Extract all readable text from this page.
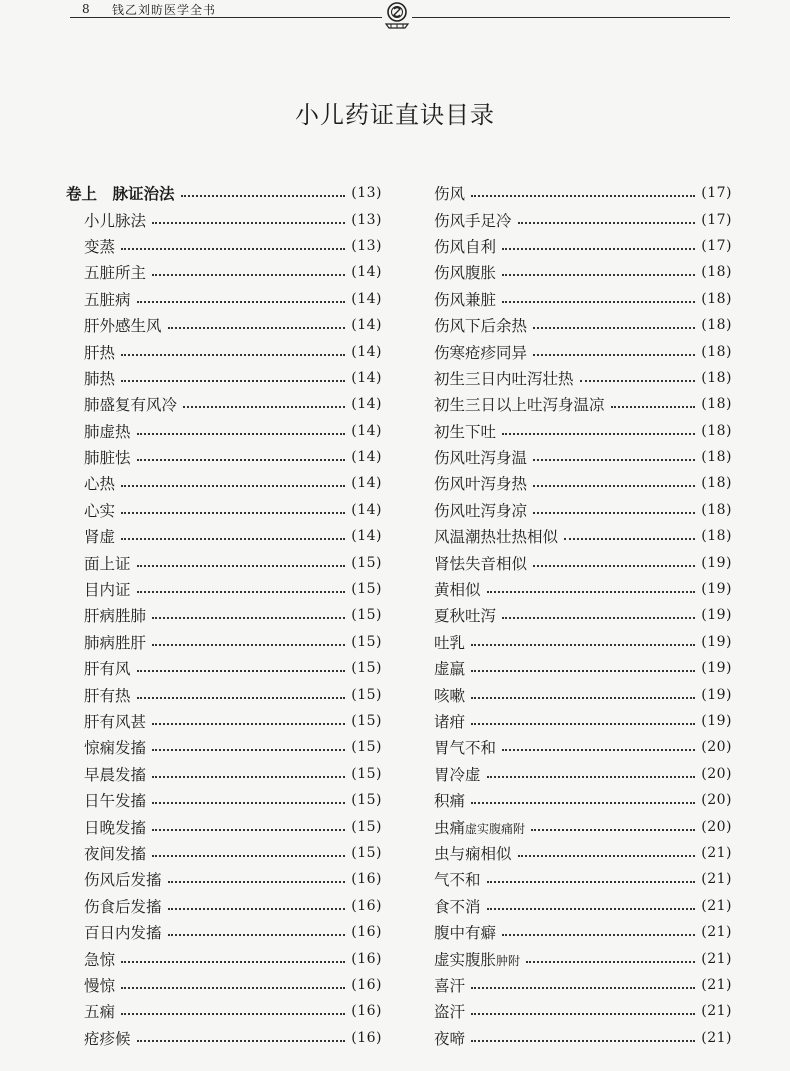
8 钱乙刘昉医学全书
小儿药证直诀目录
卷上　脉证治法	(13)
小儿脉法	(13)
变蒸	(13)
五脏所主	(14)
五脏病	(14)
肝外感生风	(14)
肝热	(14)
肺热	(14)
肺盛复有风冷	(14)
肺虚热	(14)
肺脏怯	(14)
心热	(14)
心实	(14)
肾虚	(14)
面上证	(15)
目内证	(15)
肝病胜肺	(15)
肺病胜肝	(15)
肝有风	(15)
肝有热	(15)
肝有风甚	(15)
惊痫发搐	(15)
早晨发搐	(15)
日午发搐	(15)
日晚发搐	(15)
夜间发搐	(15)
伤风后发搐	(16)
伤食后发搐	(16)
百日内发搐	(16)
急惊	(16)
慢惊	(16)
五痫	(16)
疮疹候	(16)
伤风	(17)
伤风手足冷	(17)
伤风自利	(17)
伤风腹胀	(18)
伤风兼脏	(18)
伤风下后余热	(18)
伤寒疮疹同异	(18)
初生三日内吐泻壮热	(18)
初生三日以上吐泻身温凉	(18)
初生下吐	(18)
伤风吐泻身温	(18)
伤风叶泻身热	(18)
伤风吐泻身凉	(18)
风温潮热壮热相似	(18)
肾怯失音相似	(19)
黄相似	(19)
夏秋吐泻	(19)
吐乳	(19)
虚羸	(19)
咳嗽	(19)
诸疳	(19)
胃气不和	(20)
胃冷虚	(20)
积痛	(20)
虫痛虚实腹痛附	(20)
虫与痫相似	(21)
气不和	(21)
食不消	(21)
腹中有癖	(21)
虚实腹胀肿附	(21)
喜汗	(21)
盗汗	(21)
夜啼	(21)
